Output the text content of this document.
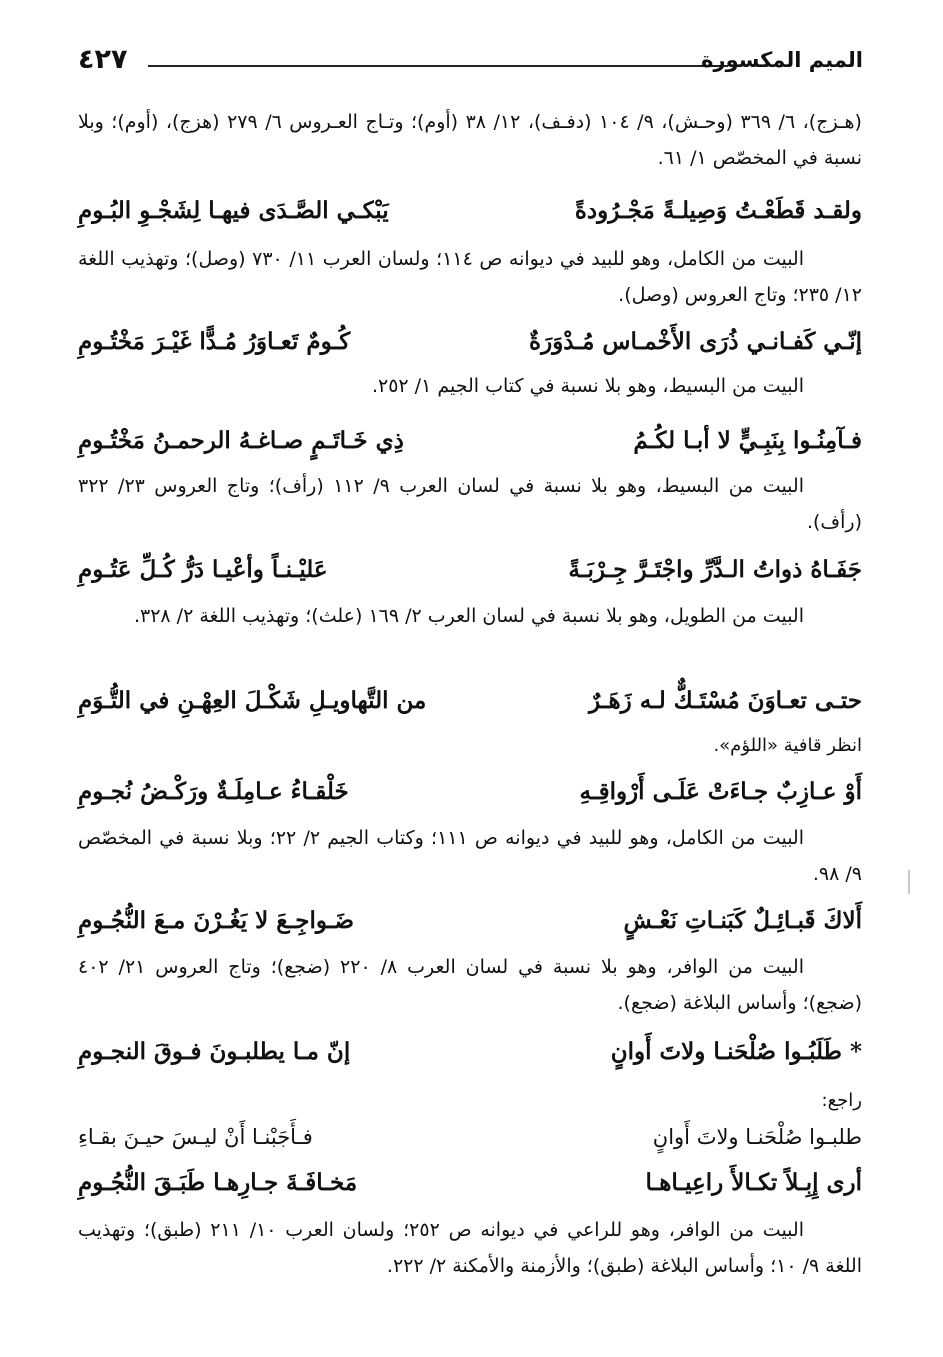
٤٢٧	الميم المكسورة
(هـزج)، ٦/ ٣٦٩ (وحـش)، ٩/ ١٠٤ (دفـف)، ١٢/ ٣٨ (أوم)؛ وتـاج العـروس ٦/ ٢٧٩ (هزج)، (أوم)؛ وبلا نسبة في المخصّص ١/ ٦١.
ولقـد قَطَعْـتُ وَصِيلـةً مَجْـرُودةً
يَبْكـي الصَّـدَى فيهـا لِشَجْـوِ البُـومِ
البيت من الكامل، وهو للبيد في ديوانه ص ١١٤؛ ولسان العرب ١١/ ٧٣٠ (وصل)؛ وتهذيب اللغة ١٢/ ٢٣٥؛ وتاج العروس (وصل).
إنّـي كَفـانـي ذُرَى الأَخْمـاس مُـدْوَرَةٌ
كُـومٌ تَعـاوَرُ مُـدًّا غَيْـرَ مَخْتُـومِ
البيت من البسيط، وهو بلا نسبة في كتاب الجيم ١/ ٢٥٢.
فـآمِنُـوا بِنَبِـيٍّ لا أبـا لكُـمُ
ذِي خَـاتَـمٍ صـاغـهُ الرحمـنُ مَخْتُـومِ
البيت من البسيط، وهو بلا نسبة في لسان العرب ٩/ ١١٢ (رأف)؛ وتاج العروس ٢٣/ ٣٢٢ (رأف).
جَفَـاهُ ذواتُ الـدَّرِّ واجْتَـرَّ جِـرْبَـةً
عَليْـنـاً وأعْيـا دَرُّ كُـلِّ عَتُـومِ
البيت من الطويل، وهو بلا نسبة في لسان العرب ٢/ ١٦٩ (علث)؛ وتهذيب اللغة ٢/ ٣٢٨.
حتـى تعـاوَنَ مُسْتَـكٌّ لـه زَهَـرٌ
من التَّهاويـلِ شَكْـلَ العِهْـنِ في التُّـوَمِ
انظر قافية «اللؤم».
أَوْ عـازِبٌ جـاءَتْ عَلَـى أَرْواقِـهِ
خَلْقـاءُ عـامِلَـةٌ ورَكْـضُ نُجـومِ
البيت من الكامل، وهو للبيد في ديوانه ص ١١١؛ وكتاب الجيم ٢/ ٢٢؛ وبلا نسبة في المخصّص ٩/ ٩٨.
أَلاكَ قَبـائِـلٌ كَبَنـاتِ نَعْـشٍ
ضَـواجِـعَ لا يَغُـرْنَ مـعَ النُّجُـومِ
البيت من الوافر، وهو بلا نسبة في لسان العرب ٨/ ٢٢٠ (ضجع)؛ وتاج العروس ٢١/ ٤٠٢ (ضجع)؛ وأساس البلاغة (ضجع).
* طَلَبُـوا صُلْحَنـا ولاتَ أَوانٍ
إنّ مـا يطلبـونَ فـوقَ النجـومِ
راجع:
طلبـوا صُلْحَنـا ولاتَ أَوانٍ
فـأَجَبْنـا أَنْ ليـسَ حيـنَ بقـاءِ
أرى إِبِـلاً تكـالأَ راعِيـاهـا
مَخـافَـةَ جـارِهـا طَبَـقَ النُّجُـومِ
البيت من الوافر، وهو للراعي في ديوانه ص ٢٥٢؛ ولسان العرب ١٠/ ٢١١ (طبق)؛ وتهذيب اللغة ٩/ ١٠؛ وأساس البلاغة (طبق)؛ والأزمنة والأمكنة ٢/ ٢٢٢.
